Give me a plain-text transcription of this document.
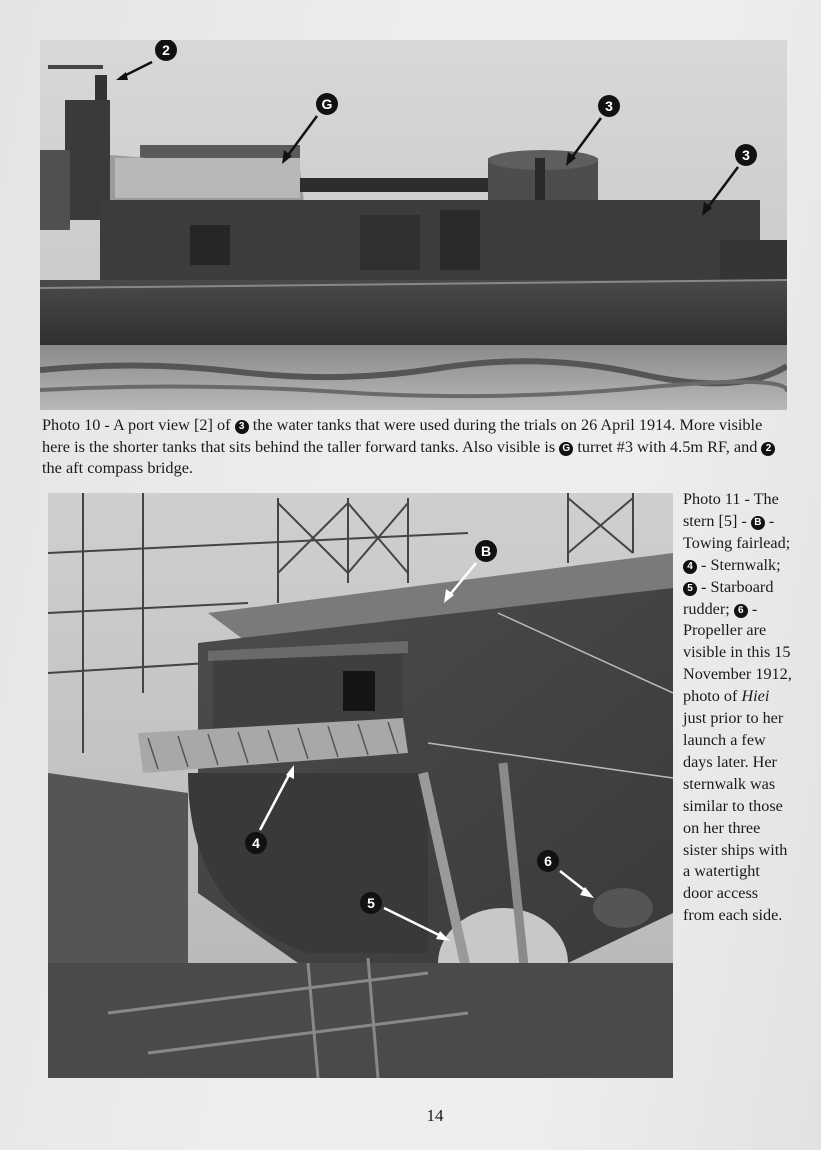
2
G	3
3

Photo 10 - A port view [2] of 3 the water tanks that were used during the trials on 26 April 1914. More visible here is the shorter tanks that sits behind the taller forward tanks. Also visible is G turret #3 with 4.5m RF, and 2 the aft compass bridge.

B
4
5
6

Photo 11 - The stern [5] - B - Towing fairlead; 4 - Sternwalk; 5 - Starboard rudder; 6 - Propeller are visible in this 15 November 1912, photo of Hiei just prior to her launch a few days later. Her sternwalk was similar to those on her three sister ships with a watertight door access from each side.

14
